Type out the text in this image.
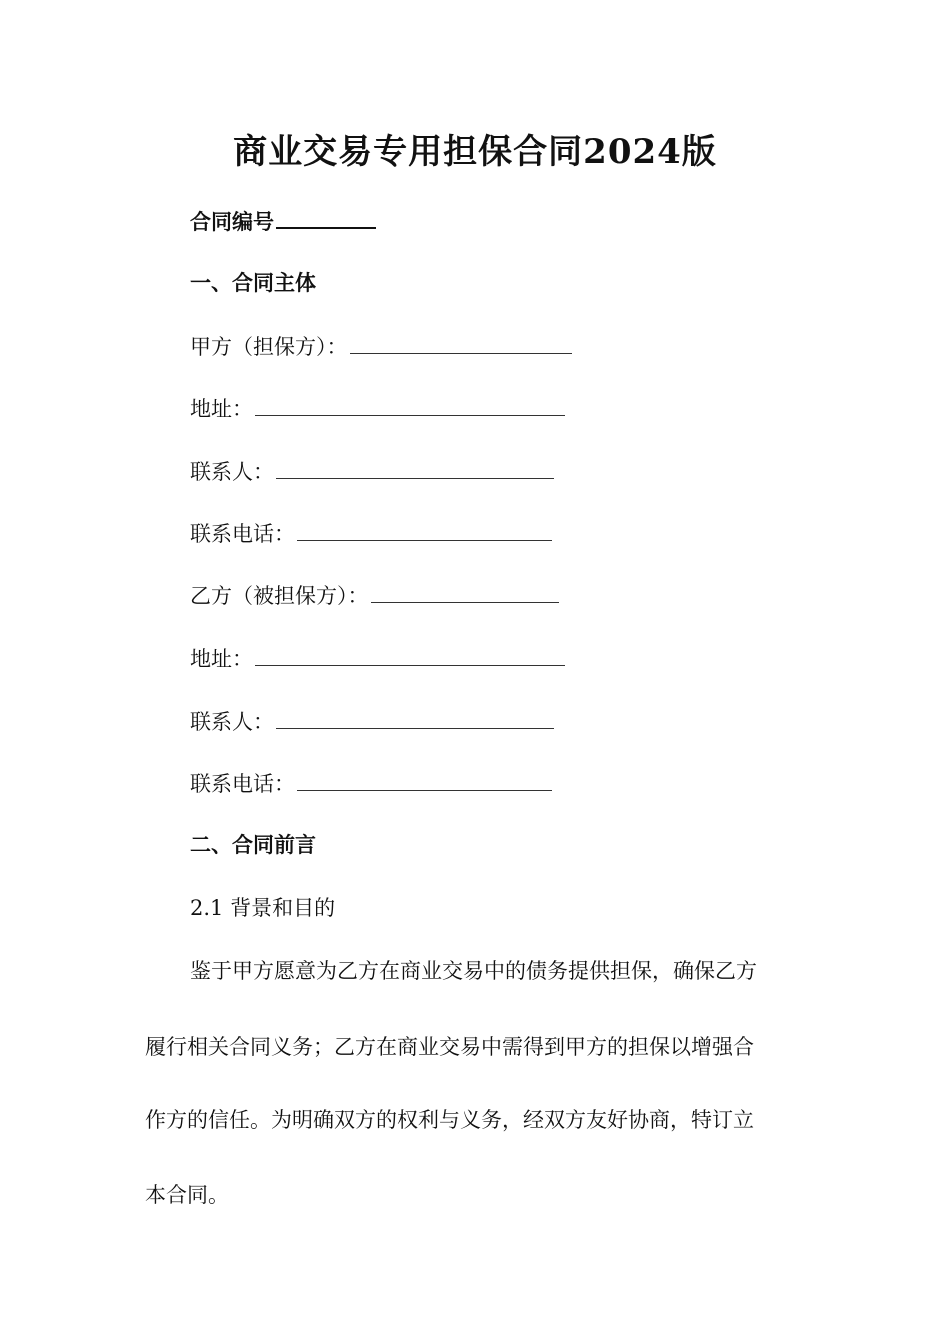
商业交易专用担保合同2024版
合同编号
一、合同主体
甲方（担保方）：
地址：
联系人：
联系电话：
乙方（被担保方）：
地址：
联系人：
联系电话：
二、合同前言
2.1 背景和目的
鉴于甲方愿意为乙方在商业交易中的债务提供担保，确保乙方
履行相关合同义务；乙方在商业交易中需得到甲方的担保以增强合
作方的信任。为明确双方的权利与义务，经双方友好协商，特订立
本合同。
